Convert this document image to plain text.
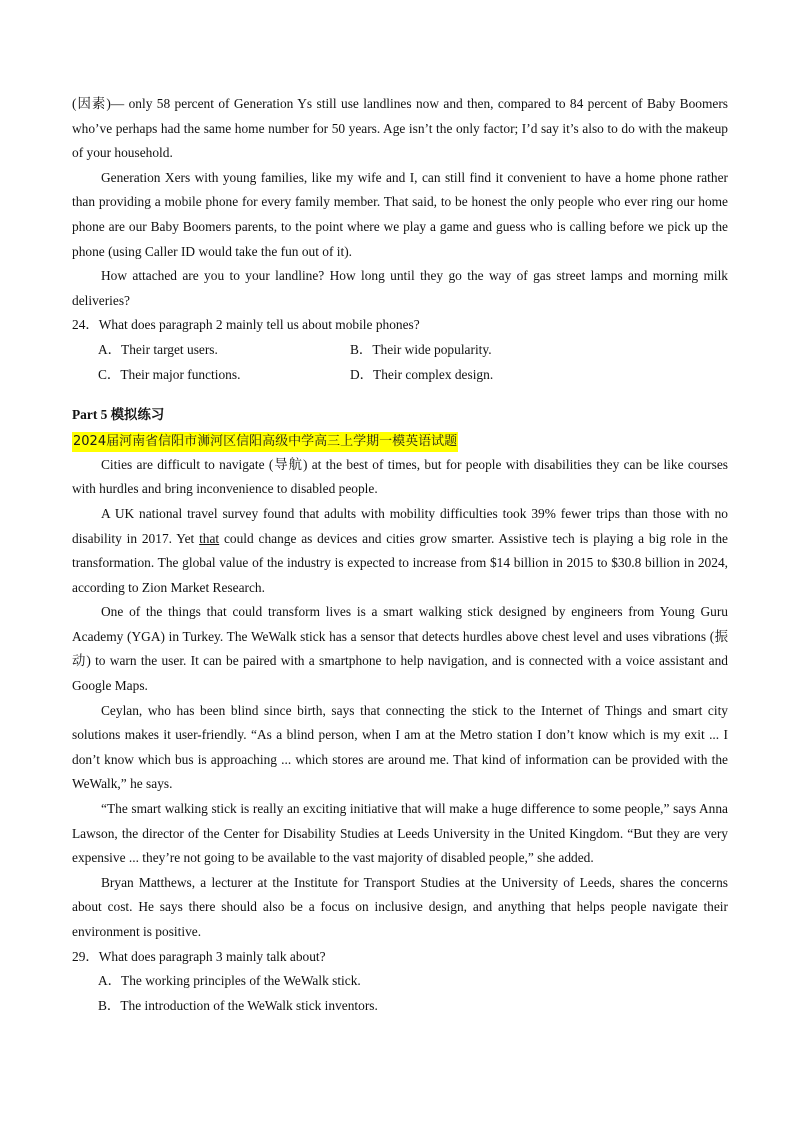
(因素)— only 58 percent of Generation Ys still use landlines now and then, compared to 84 percent of Baby Boomers who’ve perhaps had the same home number for 50 years. Age isn’t the only factor; I’d say it’s also to do with the makeup of your household.

Generation Xers with young families, like my wife and I, can still find it convenient to have a home phone rather than providing a mobile phone for every family member. That said, to be honest the only people who ever ring our home phone are our Baby Boomers parents, to the point where we play a game and guess who is calling before we pick up the phone (using Caller ID would take the fun out of it).

How attached are you to your landline? How long until they go the way of gas street lamps and morning milk deliveries?

24．What does paragraph 2 mainly tell us about mobile phones?

A．Their target users.	B．Their wide popularity.
C．Their major functions.	D．Their complex design.

Part 5 模拟练习

2024届河南省信阳市浉河区信阳高级中学高三上学期一模英语试题

Cities are difficult to navigate (导航) at the best of times, but for people with disabilities they can be like courses with hurdles and bring inconvenience to disabled people.

A UK national travel survey found that adults with mobility difficulties took 39% fewer trips than those with no disability in 2017. Yet that could change as devices and cities grow smarter. Assistive tech is playing a big role in the transformation. The global value of the industry is expected to increase from $14 billion in 2015 to $30.8 billion in 2024, according to Zion Market Research.

One of the things that could transform lives is a smart walking stick designed by engineers from Young Guru Academy (YGA) in Turkey. The WeWalk stick has a sensor that detects hurdles above chest level and uses vibrations (振动) to warn the user. It can be paired with a smartphone to help navigation, and is connected with a voice assistant and Google Maps.

Ceylan, who has been blind since birth, says that connecting the stick to the Internet of Things and smart city solutions makes it user-friendly. “As a blind person, when I am at the Metro station I don’t know which is my exit ... I don’t know which bus is approaching ... which stores are around me. That kind of information can be provided with the WeWalk,” he says.

“The smart walking stick is really an exciting initiative that will make a huge difference to some people,” says Anna Lawson, the director of the Center for Disability Studies at Leeds University in the United Kingdom. “But they are very expensive ... they’re not going to be available to the vast majority of disabled people,” she added.

Bryan Matthews, a lecturer at the Institute for Transport Studies at the University of Leeds, shares the concerns about cost. He says there should also be a focus on inclusive design, and anything that helps people navigate their environment is positive.

29．What does paragraph 3 mainly talk about?

A．The working principles of the WeWalk stick.

B．The introduction of the WeWalk stick inventors.
